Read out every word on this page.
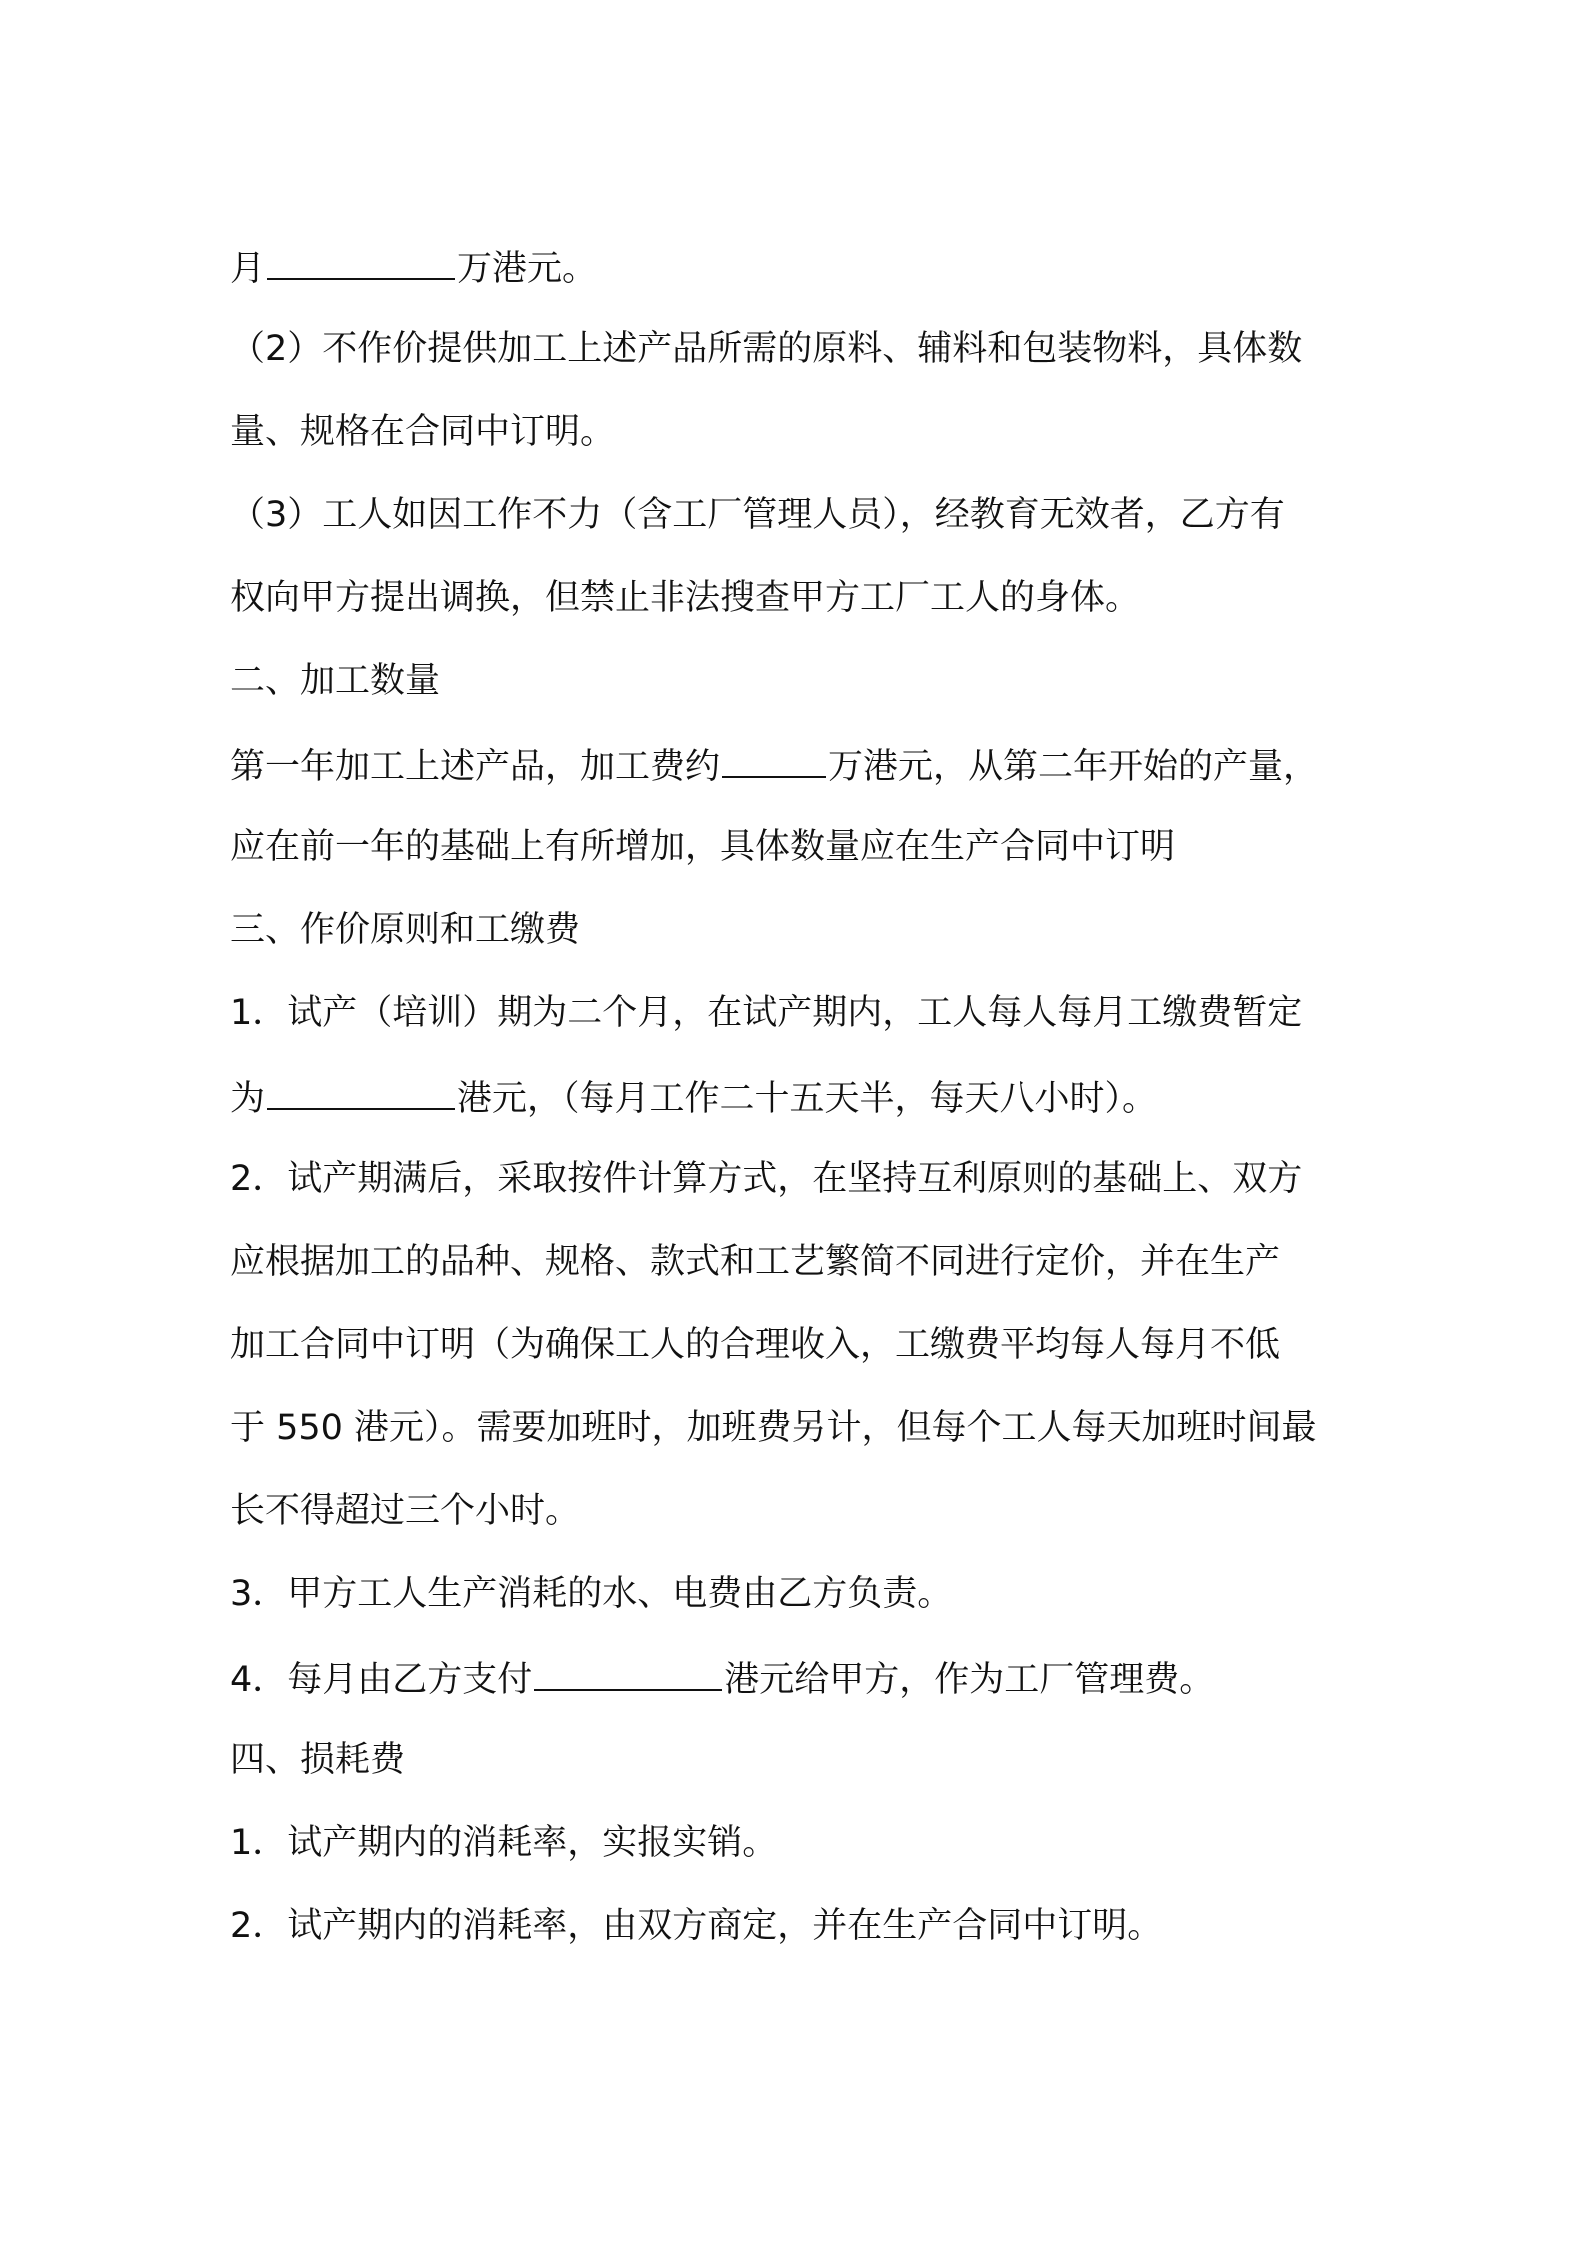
月	万港元。
（2）不作价提供加工上述产品所需的原料、辅料和包装物料，具体数
量、规格在合同中订明。
（3）工人如因工作不力（含工厂管理人员），经教育无效者，乙方有
权向甲方提出调换，但禁止非法搜查甲方工厂工人的身体。
二、加工数量
第一年加工上述产品，加工费约	万港元，从第二年开始的产量，
应在前一年的基础上有所增加，具体数量应在生产合同中订明
三、作价原则和工缴费
1．试产（培训）期为二个月，在试产期内，工人每人每月工缴费暂定
为	港元，（每月工作二十五天半，每天八小时）。
2．试产期满后，采取按件计算方式，在坚持互利原则的基础上、双方
应根据加工的品种、规格、款式和工艺繁简不同进行定价，并在生产
加工合同中订明（为确保工人的合理收入，工缴费平均每人每月不低
于 550 港元）。需要加班时，加班费另计，但每个工人每天加班时间最
长不得超过三个小时。
3．甲方工人生产消耗的水、电费由乙方负责。
4．每月由乙方支付	港元给甲方，作为工厂管理费。
四、损耗费
1．试产期内的消耗率，实报实销。
2．试产期内的消耗率，由双方商定，并在生产合同中订明。
